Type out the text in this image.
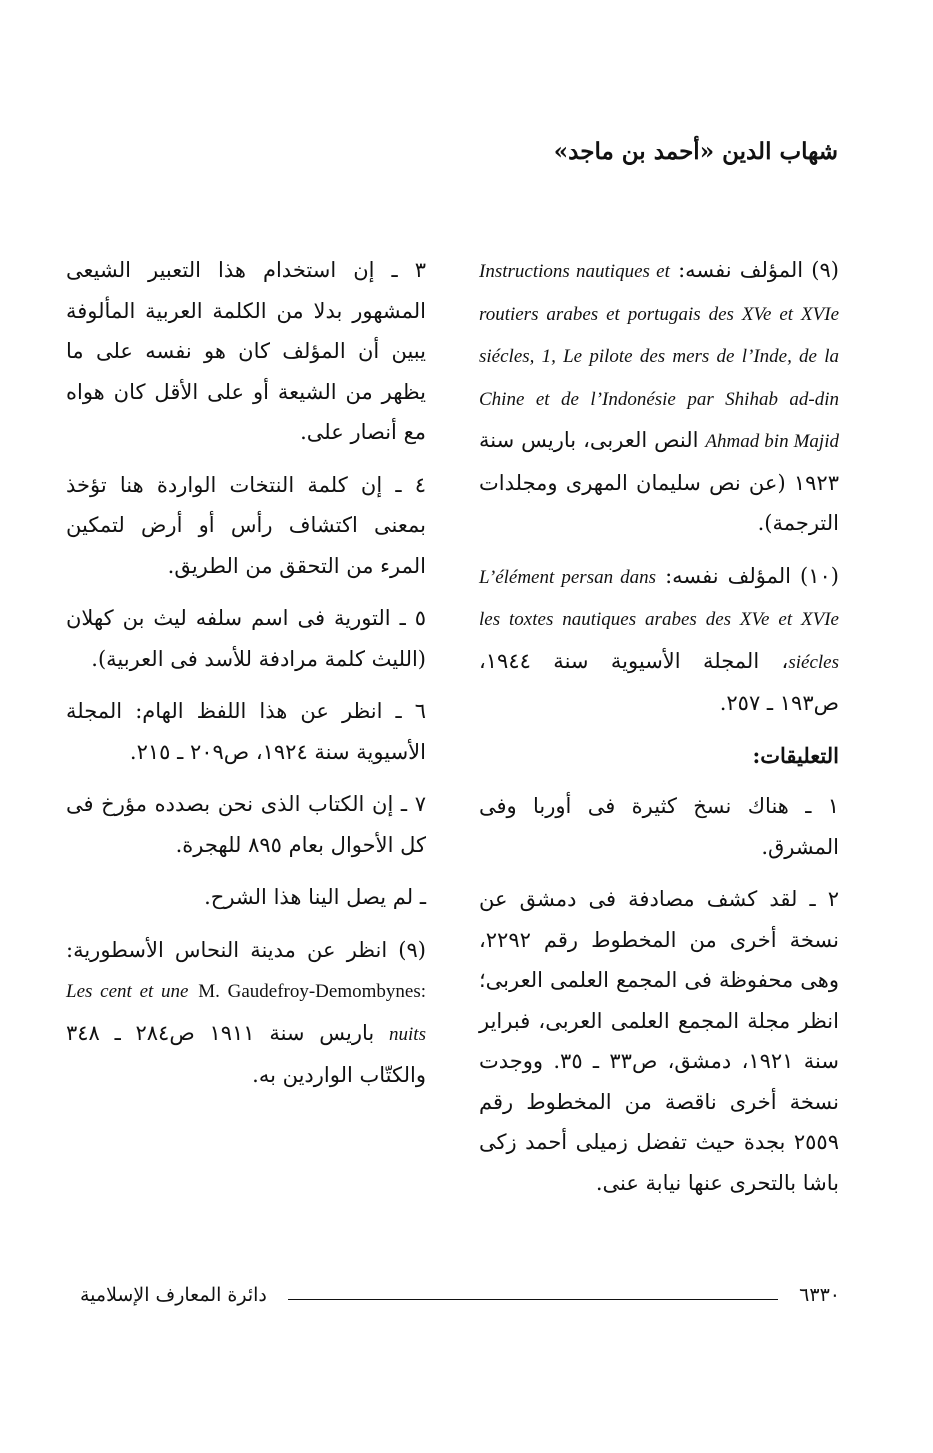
شهاب الدين «أحمد بن ماجد»

(٩) المؤلف نفسه: Instructions nautiques et routiers arabes et portugais des XVe et XVIe siécles, 1, Le pilote des mers de l’Inde, de la Chine et de l’Indonésie par Shihab ad-din Ahmad bin Majid النص العربى، باريس سنة ١٩٢٣ (عن نص سليمان المهرى ومجلدات الترجمة).

(١٠) المؤلف نفسه: L’élément persan dans les toxtes nautiques arabes des XVe et XVIe siécles، المجلة الأسيوية سنة ١٩٤٤، ص١٩٣ ـ ٢٥٧.

التعليقات:

١ ـ هناك نسخ كثيرة فى أوربا وفى المشرق.

٢ ـ لقد كشف مصادفة فى دمشق عن نسخة أخرى من المخطوط رقم ٢٢٩٢، وهى محفوظة فى المجمع العلمى العربى؛ انظر مجلة المجمع العلمى العربى، فبراير سنة ١٩٢١، دمشق، ص٣٣ ـ ٣٥. ووجدت نسخة أخرى ناقصة من المخطوط رقم ٢٥٥٩ بجدة حيث تفضل زميلى أحمد زكى باشا بالتحرى عنها نيابة عنى.

٣ ـ إن استخدام هذا التعبير الشيعى المشهور بدلا من الكلمة العربية المألوفة يبين أن المؤلف كان هو نفسه على ما يظهر من الشيعة أو على الأقل كان هواه مع أنصار على.

٤ ـ إن كلمة النتخات الواردة هنا تؤخذ بمعنى اكتشاف رأس أو أرض لتمكين المرء من التحقق من الطريق.

٥ ـ التورية فى اسم سلفه ليث بن كهلان (الليث كلمة مرادفة للأسد فى العربية).

٦ ـ انظر عن هذا اللفظ الهام: المجلة الأسيوية سنة ١٩٢٤، ص٢٠٩ ـ ٢١٥.

٧ ـ إن الكتاب الذى نحن بصدده مؤرخ فى كل الأحوال بعام ٨٩٥ للهجرة.

ـ لم يصل الينا هذا الشرح.

(٩) انظر عن مدينة النحاس الأسطورية: M. Gaudefroy-Demombynes: Les cent et une nuits باريس سنة ١٩١١ ص٢٨٤ ـ ٣٤٨ والكتّاب الواردين به.

٦٣٣٠
دائرة المعارف الإسلامية
